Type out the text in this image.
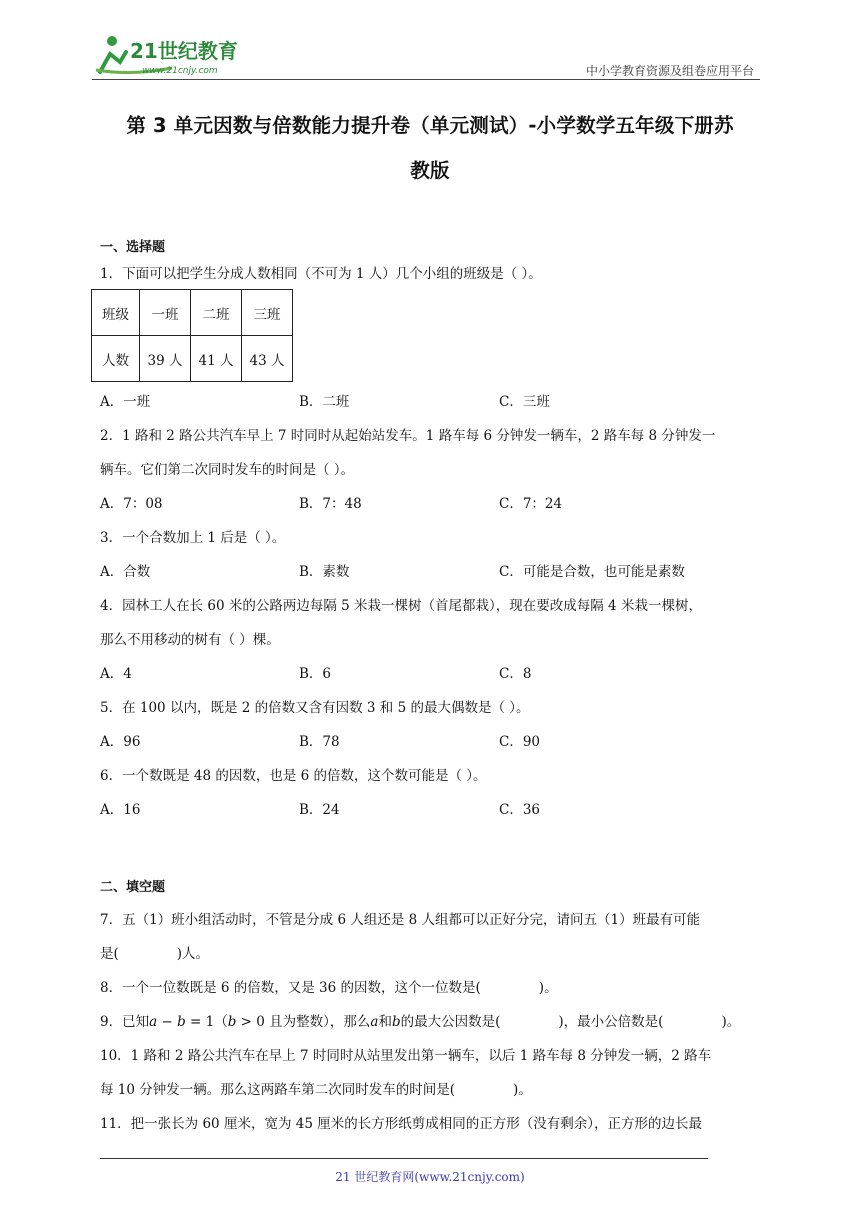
21世纪教育
www.21cnjy.com	中小学教育资源及组卷应用平台
第 3 单元因数与倍数能力提升卷（单元测试）-小学数学五年级下册苏
教版
一、选择题
1．下面可以把学生分成人数相同（不可为 1 人）几个小组的班级是（ ）。
班级	一班	二班	三班
人数	39 人	41 人	43 人
A．一班	B．二班	C．三班
2．1 路和 2 路公共汽车早上 7 时同时从起始站发车。1 路车每 6 分钟发一辆车，2 路车每 8 分钟发一
辆车。它们第二次同时发车的时间是（ ）。
A．7：08	B．7：48	C．7：24
3．一个合数加上 1 后是（ ）。
A．合数	B．素数	C．可能是合数，也可能是素数
4．园林工人在长 60 米的公路两边每隔 5 米栽一棵树（首尾都栽），现在要改成每隔 4 米栽一棵树，
那么不用移动的树有（ ）棵。
A．4	B．6	C．8
5．在 100 以内，既是 2 的倍数又含有因数 3 和 5 的最大偶数是（ ）。
A．96	B．78	C．90
6．一个数既是 48 的因数，也是 6 的倍数，这个数可能是（ ）。
A．16	B．24	C．36
二、填空题
7．五（1）班小组活动时，不管是分成 6 人组还是 8 人组都可以正好分完，请问五（1）班最有可能
是(	)人。
8．一个一位数既是 6 的倍数，又是 36 的因数，这个一位数是(	)。
9．已知a − b = 1（b > 0 且为整数），那么a和b的最大公因数是(	)，最小公倍数是(	)。
10．1 路和 2 路公共汽车在早上 7 时同时从站里发出第一辆车，以后 1 路车每 8 分钟发一辆，2 路车
每 10 分钟发一辆。那么这两路车第二次同时发车的时间是(	)。
11．把一张长为 60 厘米，宽为 45 厘米的长方形纸剪成相同的正方形（没有剩余），正方形的边长最
21 世纪教育网(www.21cnjy.com)
